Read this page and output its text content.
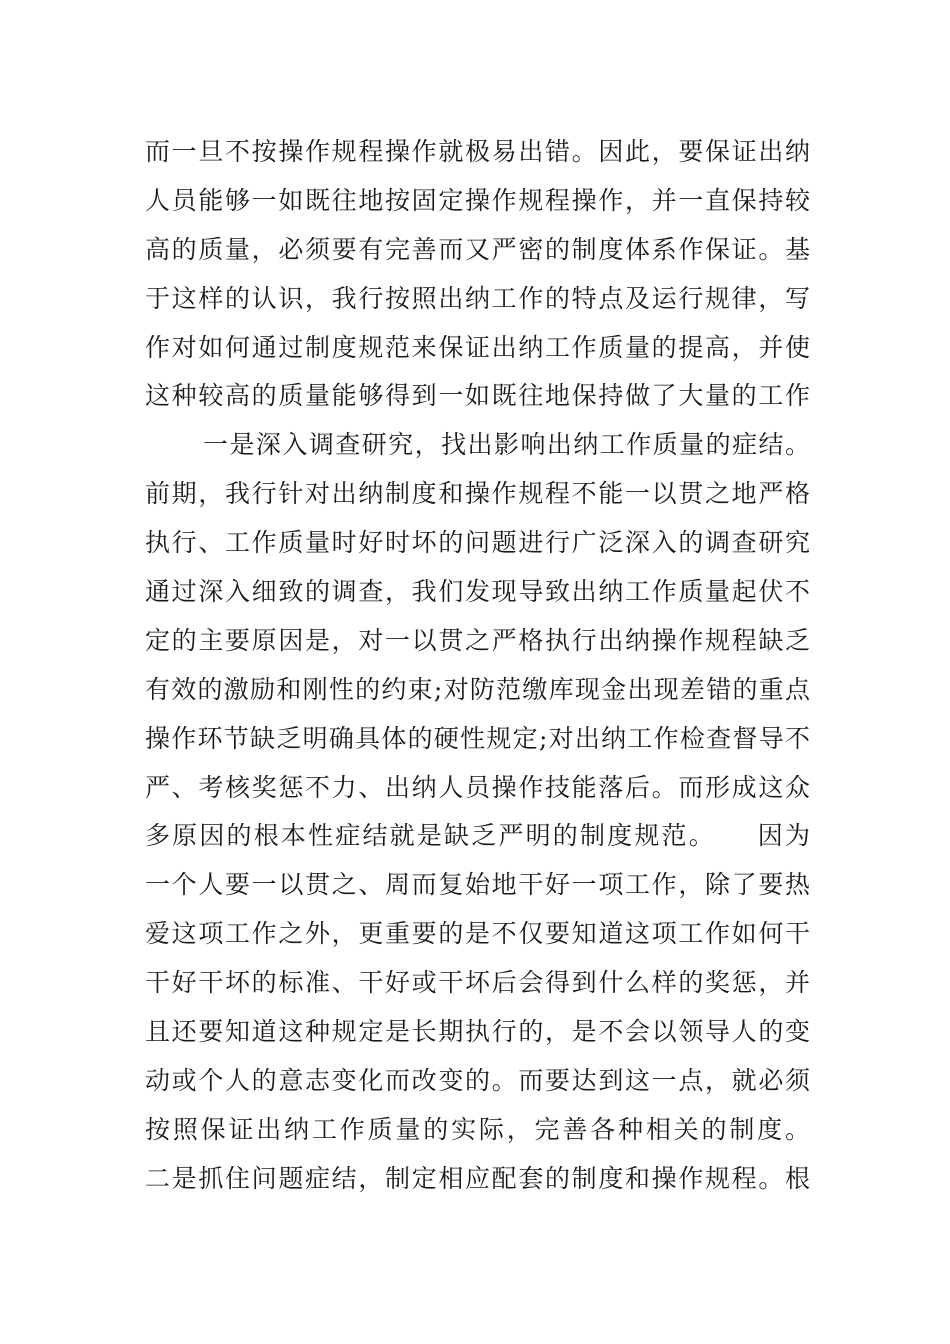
而一旦不按操作规程操作就极易出错。因此，要保证出纳
人员能够一如既往地按固定操作规程操作，并一直保持较
高的质量，必须要有完善而又严密的制度体系作保证。基
于这样的认识，我行按照出纳工作的特点及运行规律，写
作对如何通过制度规范来保证出纳工作质量的提高，并使
这种较高的质量能够得到一如既往地保持做了大量的工作
一是深入调查研究，找出影响出纳工作质量的症结。
前期，我行针对出纳制度和操作规程不能一以贯之地严格
执行、工作质量时好时坏的问题进行广泛深入的调查研究
通过深入细致的调查，我们发现导致出纳工作质量起伏不
定的主要原因是，对一以贯之严格执行出纳操作规程缺乏
有效的激励和刚性的约束;对防范缴库现金出现差错的重点
操作环节缺乏明确具体的硬性规定;对出纳工作检查督导不
严、考核奖惩不力、出纳人员操作技能落后。而形成这众
多原因的根本性症结就是缺乏严明的制度规范。　　因为
一个人要一以贯之、周而复始地干好一项工作，除了要热
爱这项工作之外，更重要的是不仅要知道这项工作如何干
干好干坏的标准、干好或干坏后会得到什么样的奖惩，并
且还要知道这种规定是长期执行的，是不会以领导人的变
动或个人的意志变化而改变的。而要达到这一点，就必须
按照保证出纳工作质量的实际，完善各种相关的制度。
二是抓住问题症结，制定相应配套的制度和操作规程。根
